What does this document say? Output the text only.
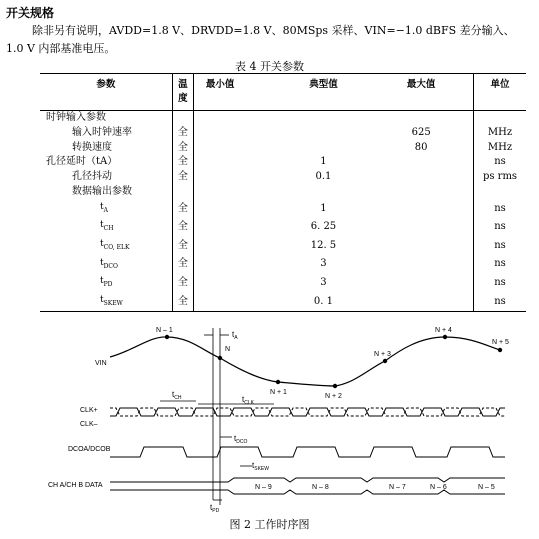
开关规格
除非另有说明，AVDD=1.8 V、DRVDD=1.8 V、80MSps 采样、VIN=−1.0 dBFS 差分输入、1.0 V 内部基准电压。
表 4 开关参数
参数	温度	最小值	典型值	最大值	单位
时钟输入参数					
输入时钟速率	全			625	MHz
转换速度	全			80	MHz
孔径延时（tA）	全		1		ns
孔径抖动	全		0.1		ps rms
数据输出参数					
$t_A$	全		1		ns
$t_{CH}$	全		6. 25		ns
$t_{CO, ELK}$	全		12. 5		ns
$t_{DCO}$	全		3		ns
$t_{PD}$	全		3		ns
$t_{SKEW}$	全		0. 1		ns
N – 1
N
N + 1
N + 2
N + 3
N + 4
N + 5
VIN
CLK+
CLK–
DCOA/DCOB
CH A/CH B DATA
$t_A$
$t_{CH}$	$t_{CLK}$
$t_{DCO}$
$t_{SKEW}$
N – 9	N – 8	N – 7	N – 6	N – 5
$t_{PD}$
图 2 工作时序图
